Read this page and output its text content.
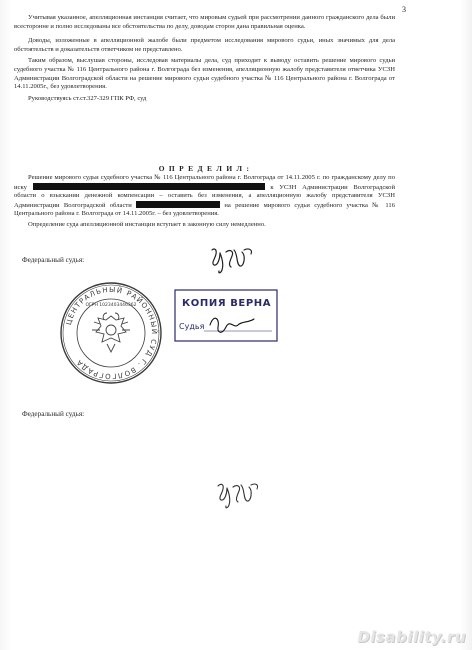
3

Учитывая указанное, апелляционная инстанция считает, что мировым судьей при рассмотрении данного гражданского дела были всесторонне и полно исследованы все обстоятельства по делу, доводам сторон дана правильная оценка.

Доводы, изложенные в апелляционной жалобе были предметом исследования мирового судьи, иных значимых для дела обстоятельств и доказательств ответчиком не представлено.

Таким образом, выслушав стороны, исследовав материалы дела, суд приходит к выводу оставить решение мирового судьи судебного участка № 116 Центрального района г. Волгограда без изменения, апелляционную жалобу представителя ответчика УСЗН Администрации Волгоградской области на решение мирового судьи судебного участка № 116 Центрального района г. Волгограда от 14.11.2005г., без удовлетворения.

Руководствуясь ст.ст.327-329 ГПК РФ, суд

О П Р Е Д Е Л И Л :

Решение мирового судьи судебного участка № 116 Центрального района г. Волгограда от 14.11.2005 г. по гражданскому делу по иску	к УСЗН Администрации Волгоградской области о взыскании денежной компенсации – оставить без изменения, а апелляционную жалобу представителя УСЗН Администрации Волгоградской области	на решение мирового судьи судебного участка № 116 Центрального района г. Волгограда от 14.11.2005г. – без удовлетворения.

Определение суда апелляционной инстанции вступает в законную силу немедленно.

Федеральный судья:
ЦЕНТРАЛЬНЫЙ РАЙОННЫЙ СУД Г. ВОЛГОГРАДА
ОГРН 1023403446362	КОПИЯ ВЕРНА
Судья
Федеральный судья:
Disability.ru
